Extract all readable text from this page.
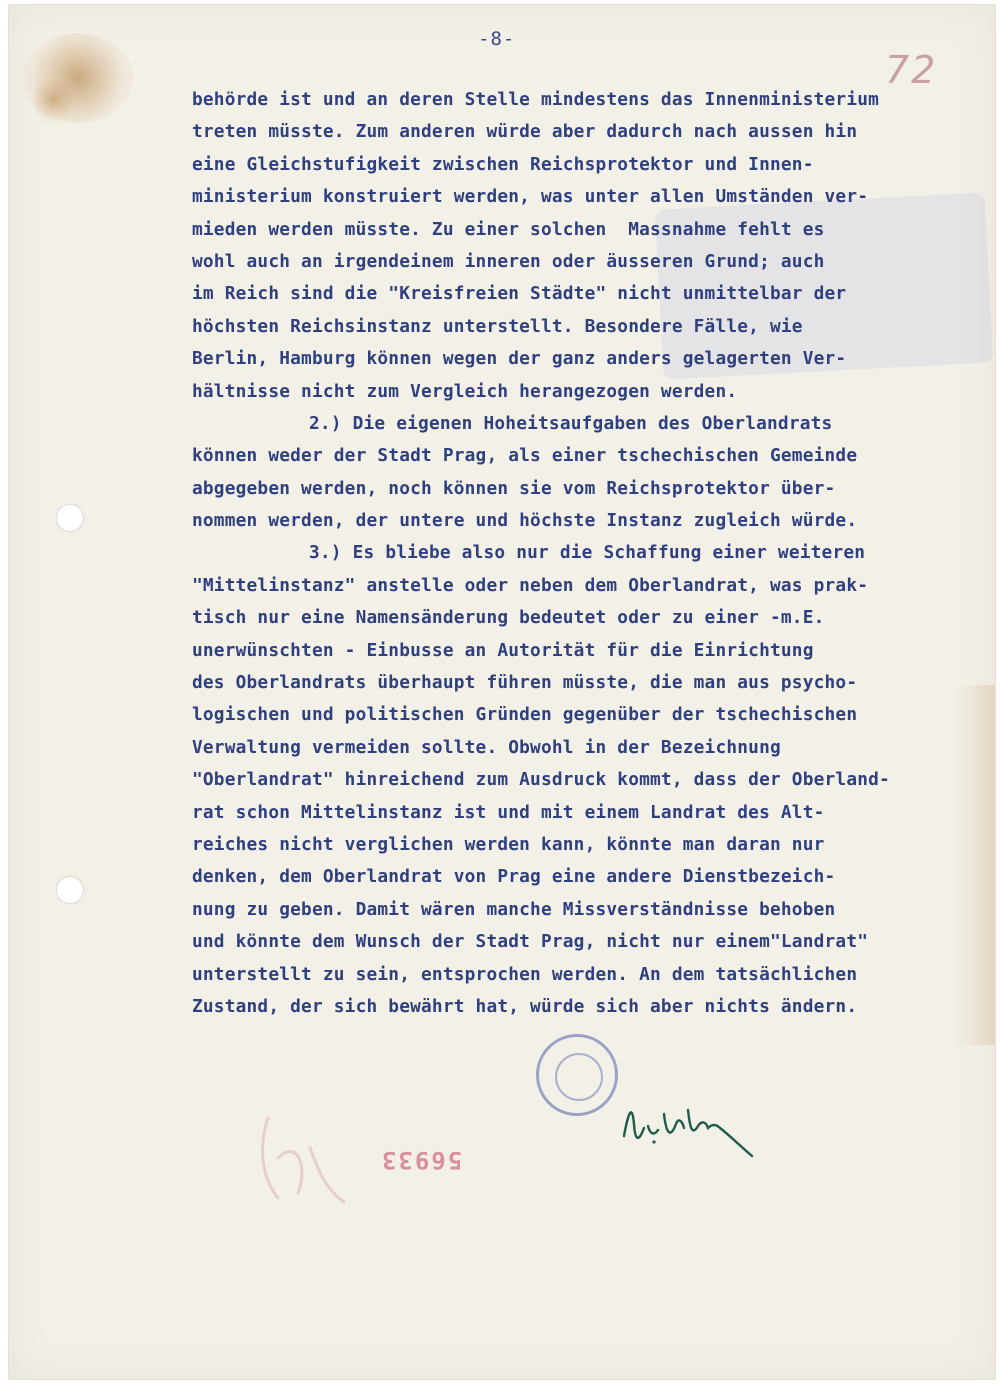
-8-
72
behörde ist und an deren Stelle mindestens das Innenministerium
treten müsste. Zum anderen würde aber dadurch nach aussen hin
eine Gleichstufigkeit zwischen Reichsprotektor und Innen-
ministerium konstruiert werden, was unter allen Umständen ver-
mieden werden müsste. Zu einer solchen  Massnahme fehlt es
wohl auch an irgendeinem inneren oder äusseren Grund; auch
im Reich sind die "Kreisfreien Städte" nicht unmittelbar der
höchsten Reichsinstanz unterstellt. Besondere Fälle, wie
Berlin, Hamburg können wegen der ganz anders gelagerten Ver-
hältnisse nicht zum Vergleich herangezogen werden.
2.) Die eigenen Hoheitsaufgaben des Oberlandrats
können weder der Stadt Prag, als einer tschechischen Gemeinde
abgegeben werden, noch können sie vom Reichsprotektor über-
nommen werden, der untere und höchste Instanz zugleich würde.
3.) Es bliebe also nur die Schaffung einer weiteren
"Mittelinstanz" anstelle oder neben dem Oberlandrat, was prak-
tisch nur eine Namensänderung bedeutet oder zu einer -m.E.
unerwünschten - Einbusse an Autorität für die Einrichtung
des Oberlandrats überhaupt führen müsste, die man aus psycho-
logischen und politischen Gründen gegenüber der tschechischen
Verwaltung vermeiden sollte. Obwohl in der Bezeichnung
"Oberlandrat" hinreichend zum Ausdruck kommt, dass der Oberland-
rat schon Mittelinstanz ist und mit einem Landrat des Alt-
reiches nicht verglichen werden kann, könnte man daran nur
denken, dem Oberlandrat von Prag eine andere Dienstbezeich-
nung zu geben. Damit wären manche Missverständnisse behoben
und könnte dem Wunsch der Stadt Prag, nicht nur einem"Landrat"
unterstellt zu sein, entsprochen werden. An dem tatsächlichen
Zustand, der sich bewährt hat, würde sich aber nichts ändern.
56933
